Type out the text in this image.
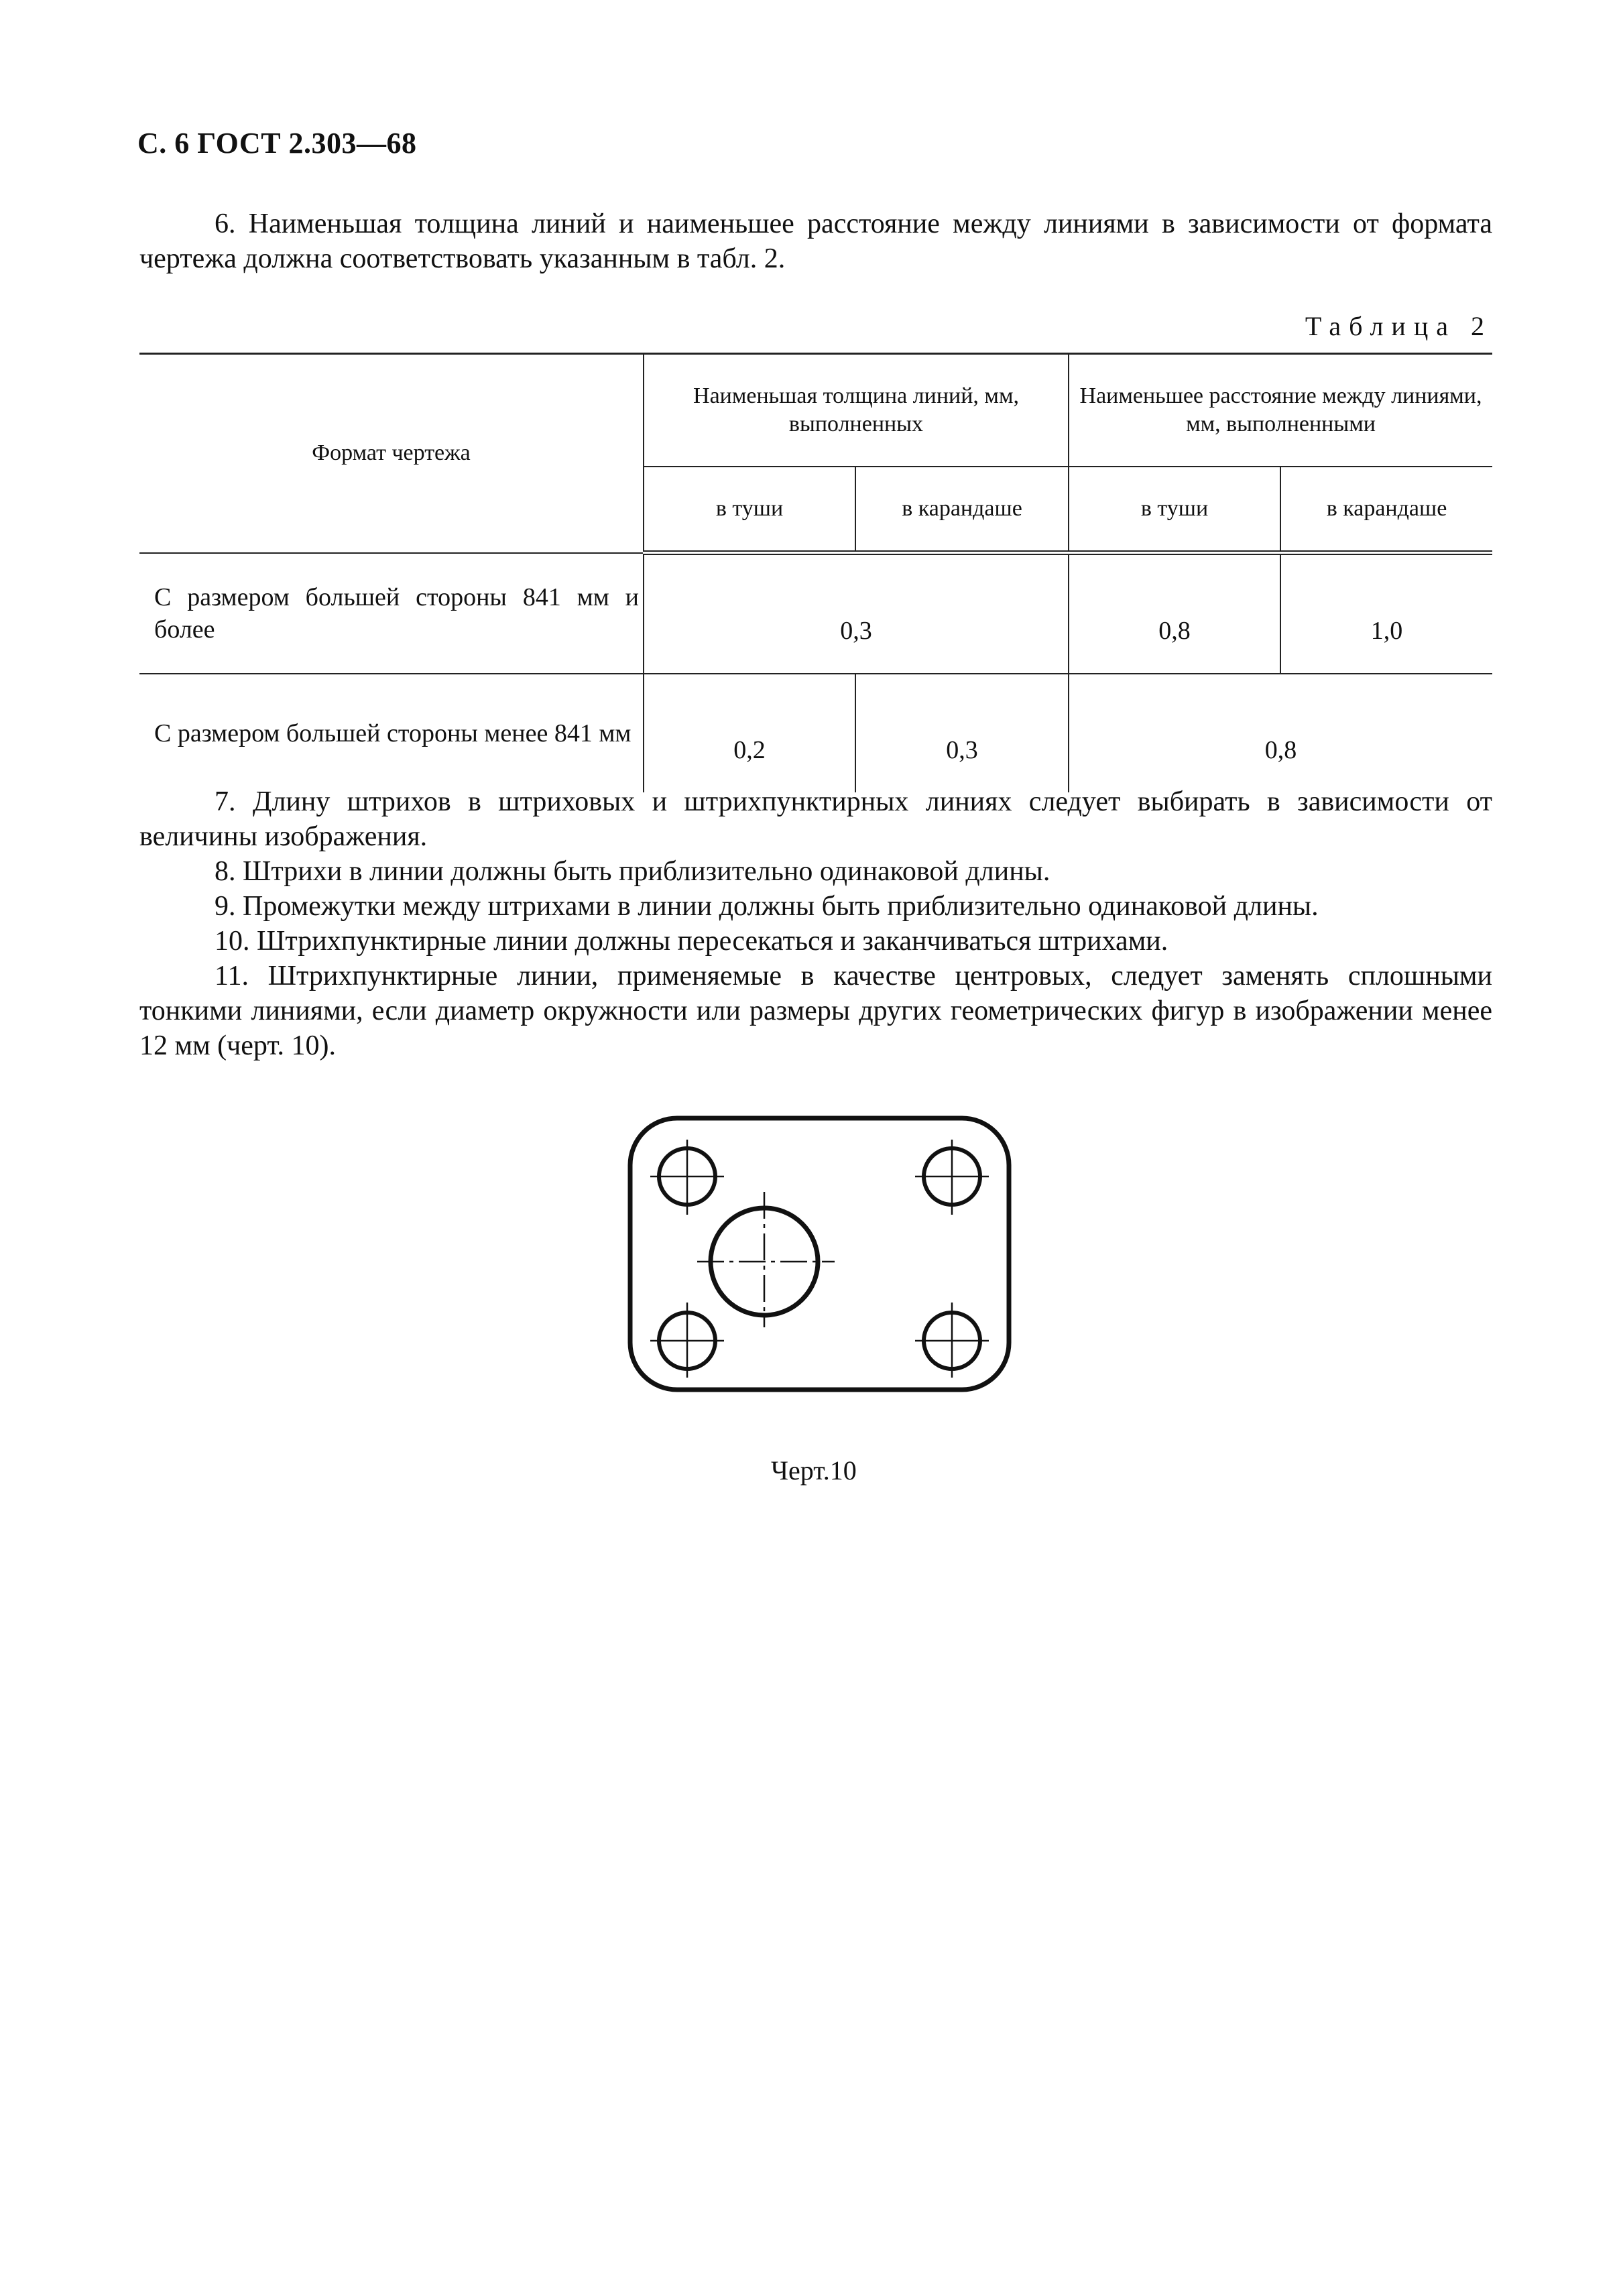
С. 6 ГОСТ 2.303—68
6. Наименьшая толщина линий и наименьшее расстояние между линиями в зависимости от формата чертежа должна соответствовать указанным в табл. 2.
Таблица 2
Формат чертежа	Наименьшая толщина линий, мм, выполненных		Наименьшее расстояние между линиями, мм, выполненными	
	в туши	в карандаше	в туши	в карандаше
С размером большей стороны 841 мм и более	0,3		0,8	1,0
С размером большей стороны менее 841 мм	0,2	0,3	0,8	
7. Длину штрихов в штриховых и штрихпунктирных линиях следует выбирать в зависимости от величины изображения.
8. Штрихи в линии должны быть приблизительно одинаковой длины.
9. Промежутки между штрихами в линии должны быть приблизительно одинаковой длины.
10. Штрихпунктирные линии должны пересекаться и заканчиваться штрихами.
11. Штрихпунктирные линии, применяемые в качестве центровых, следует заменять сплошными тонкими линиями, если диаметр окружности или размеры других геометрических фигур в изображении менее 12 мм (черт. 10).
Черт.10
